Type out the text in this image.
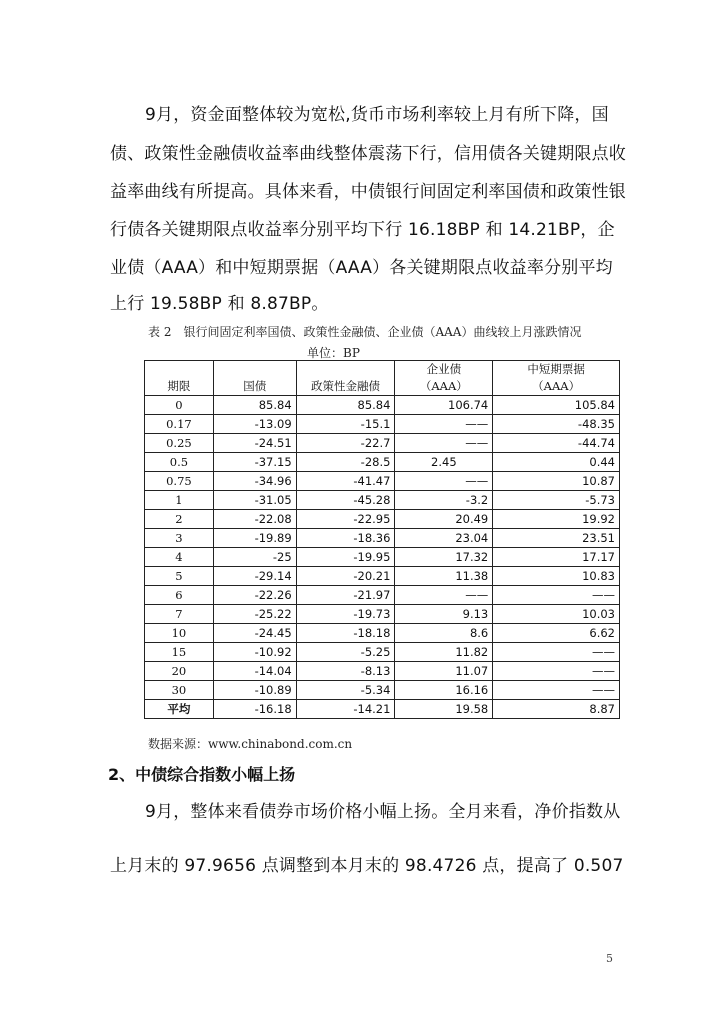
9月，资金面整体较为宽松,货币市场利率较上月有所下降，国
债、政策性金融债收益率曲线整体震荡下行，信用债各关键期限点收
益率曲线有所提高。具体来看，中债银行间固定利率国债和政策性银
行债各关键期限点收益率分别平均下行 16.18BP 和 14.21BP，企
业债（AAA）和中短期票据（AAA）各关键期限点收益率分别平均
上行 19.58BP 和 8.87BP。
表 2　银行间固定利率国债、政策性金融债、企业债（AAA）曲线较上月涨跌情况
单位：BP
			企业债	中短期票据
期限	国债	政策性金融债	（AAA）	（AAA）
0	85.84	85.84	106.74	105.84
0.17	-13.09	-15.1	——	-48.35
0.25	-24.51	-22.7	——	-44.74
0.5	-37.15	-28.5	2.45	0.44
0.75	-34.96	-41.47	——	10.87
1	-31.05	-45.28	-3.2	-5.73
2	-22.08	-22.95	20.49	19.92
3	-19.89	-18.36	23.04	23.51
4	-25	-19.95	17.32	17.17
5	-29.14	-20.21	11.38	10.83
6	-22.26	-21.97	——	——
7	-25.22	-19.73	9.13	10.03
10	-24.45	-18.18	8.6	6.62
15	-10.92	-5.25	11.82	——
20	-14.04	-8.13	11.07	——
30	-10.89	-5.34	16.16	——
平均	-16.18	-14.21	19.58	8.87
数据来源：www.chinabond.com.cn
2、中债综合指数小幅上扬
9月，整体来看债券市场价格小幅上扬。全月来看，净价指数从
上月末的 97.9656 点调整到本月末的 98.4726 点，提高了 0.507
5
